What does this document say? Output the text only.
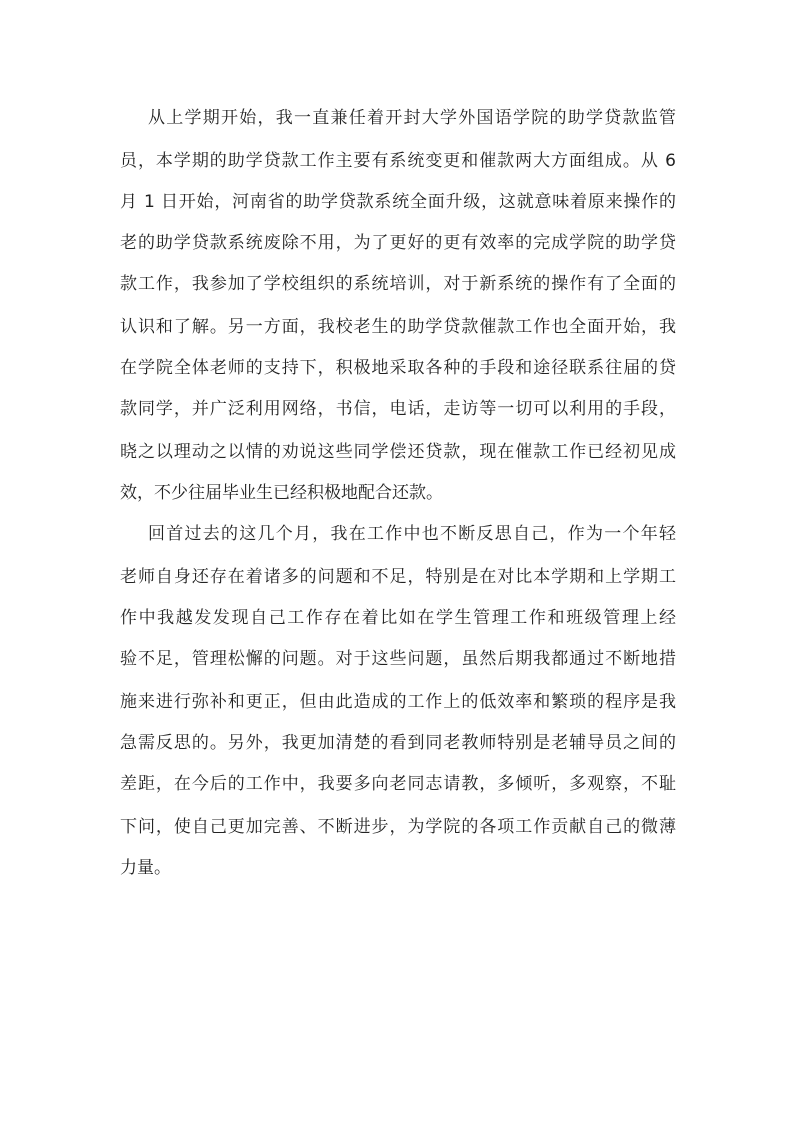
从上学期开始，我一直兼任着开封大学外国语学院的助学贷款监管
员，本学期的助学贷款工作主要有系统变更和催款两大方面组成。从 6
月 1 日开始，河南省的助学贷款系统全面升级，这就意味着原来操作的
老的助学贷款系统废除不用，为了更好的更有效率的完成学院的助学贷
款工作，我参加了学校组织的系统培训，对于新系统的操作有了全面的
认识和了解。另一方面，我校老生的助学贷款催款工作也全面开始，我
在学院全体老师的支持下，积极地采取各种的手段和途径联系往届的贷
款同学，并广泛利用网络，书信，电话，走访等一切可以利用的手段，
晓之以理动之以情的劝说这些同学偿还贷款，现在催款工作已经初见成
效，不少往届毕业生已经积极地配合还款。
回首过去的这几个月，我在工作中也不断反思自己，作为一个年轻
老师自身还存在着诸多的问题和不足，特别是在对比本学期和上学期工
作中我越发发现自己工作存在着比如在学生管理工作和班级管理上经
验不足，管理松懈的问题。对于这些问题，虽然后期我都通过不断地措
施来进行弥补和更正，但由此造成的工作上的低效率和繁琐的程序是我
急需反思的。另外，我更加清楚的看到同老教师特别是老辅导员之间的
差距，在今后的工作中，我要多向老同志请教，多倾听，多观察，不耻
下问，使自己更加完善、不断进步，为学院的各项工作贡献自己的微薄
力量。
